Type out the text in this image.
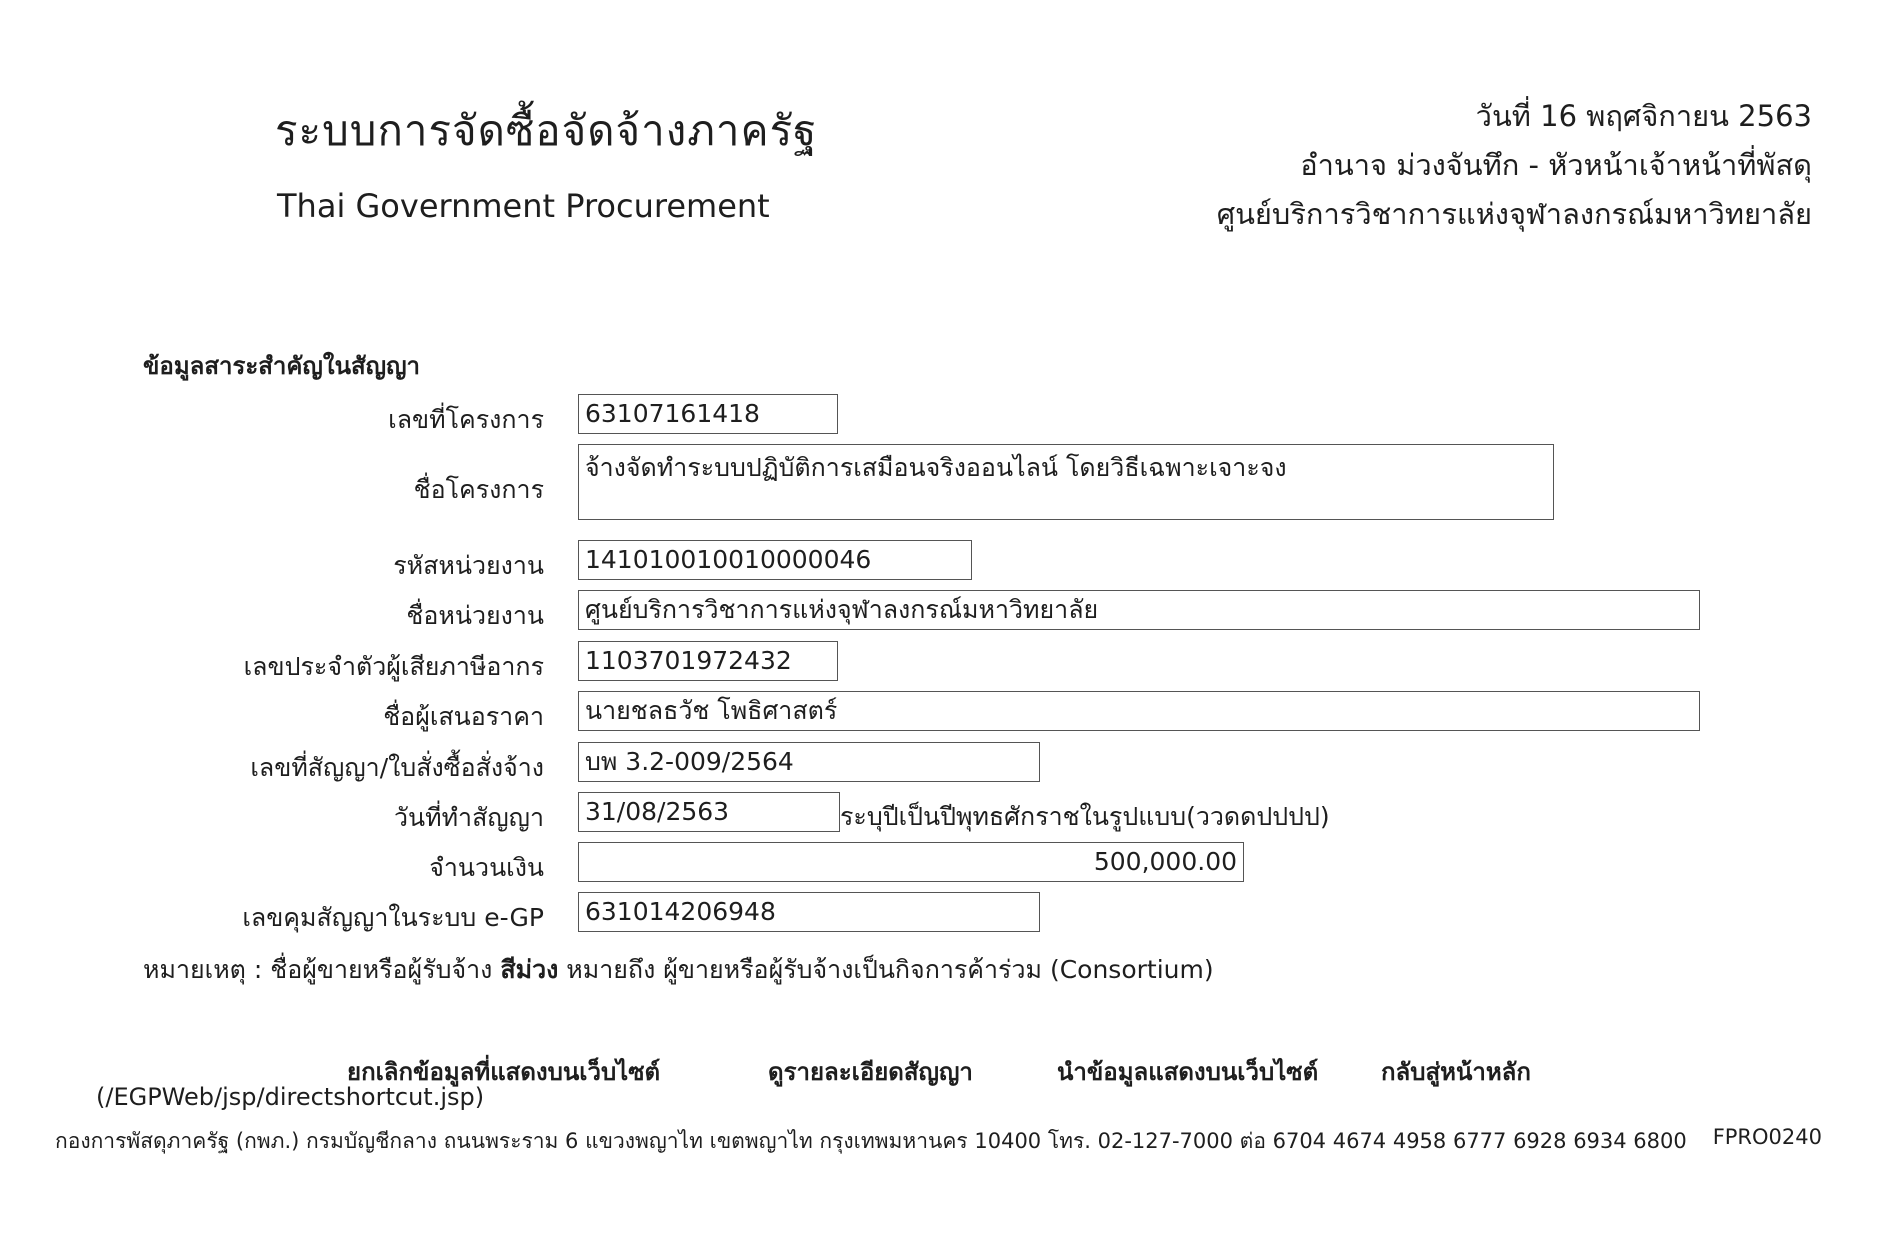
ระบบการจัดซื้อจัดจ้างภาครัฐ
Thai Government Procurement
วันที่ 16 พฤศจิกายน 2563
อำนาจ ม่วงจันทึก - หัวหน้าเจ้าหน้าที่พัสดุ
ศูนย์บริการวิชาการแห่งจุฬาลงกรณ์มหาวิทยาลัย
ข้อมูลสาระสำคัญในสัญญา
เลขที่โครงการ 63107161418
ชื่อโครงการ
จ้างจัดทำระบบปฏิบัติการเสมือนจริงออนไลน์ โดยวิธีเฉพาะเจาะจง
รหัสหน่วยงาน 141010010010000046
ชื่อหน่วยงาน ศูนย์บริการวิชาการแห่งจุฬาลงกรณ์มหาวิทยาลัย
เลขประจำตัวผู้เสียภาษีอากร 1103701972432
ชื่อผู้เสนอราคา นายชลธวัช โพธิศาสตร์
เลขที่สัญญา/ใบสั่งซื้อสั่งจ้าง บพ 3.2-009/2564
วันที่ทำสัญญา 31/08/2563	ระบุปีเป็นปีพุทธศักราชในรูปแบบ(ววดดปปปป)
จำนวนเงิน	500,000.00
เลขคุมสัญญาในระบบ e-GP 631014206948
หมายเหตุ : ชื่อผู้ขายหรือผู้รับจ้าง สีม่วง หมายถึง ผู้ขายหรือผู้รับจ้างเป็นกิจการค้าร่วม (Consortium)
ยกเลิกข้อมูลที่แสดงบนเว็บไซต์	ดูรายละเอียดสัญญา	นำข้อมูลแสดงบนเว็บไซต์	กลับสู่หน้าหลัก
(/EGPWeb/jsp/directshortcut.jsp)
กองการพัสดุภาครัฐ (กพภ.) กรมบัญชีกลาง ถนนพระราม 6 แขวงพญาไท เขตพญาไท กรุงเทพมหานคร 10400 โทร. 02-127-7000 ต่อ 6704 4674 4958 6777 6928 6934 6800 FPRO0240
